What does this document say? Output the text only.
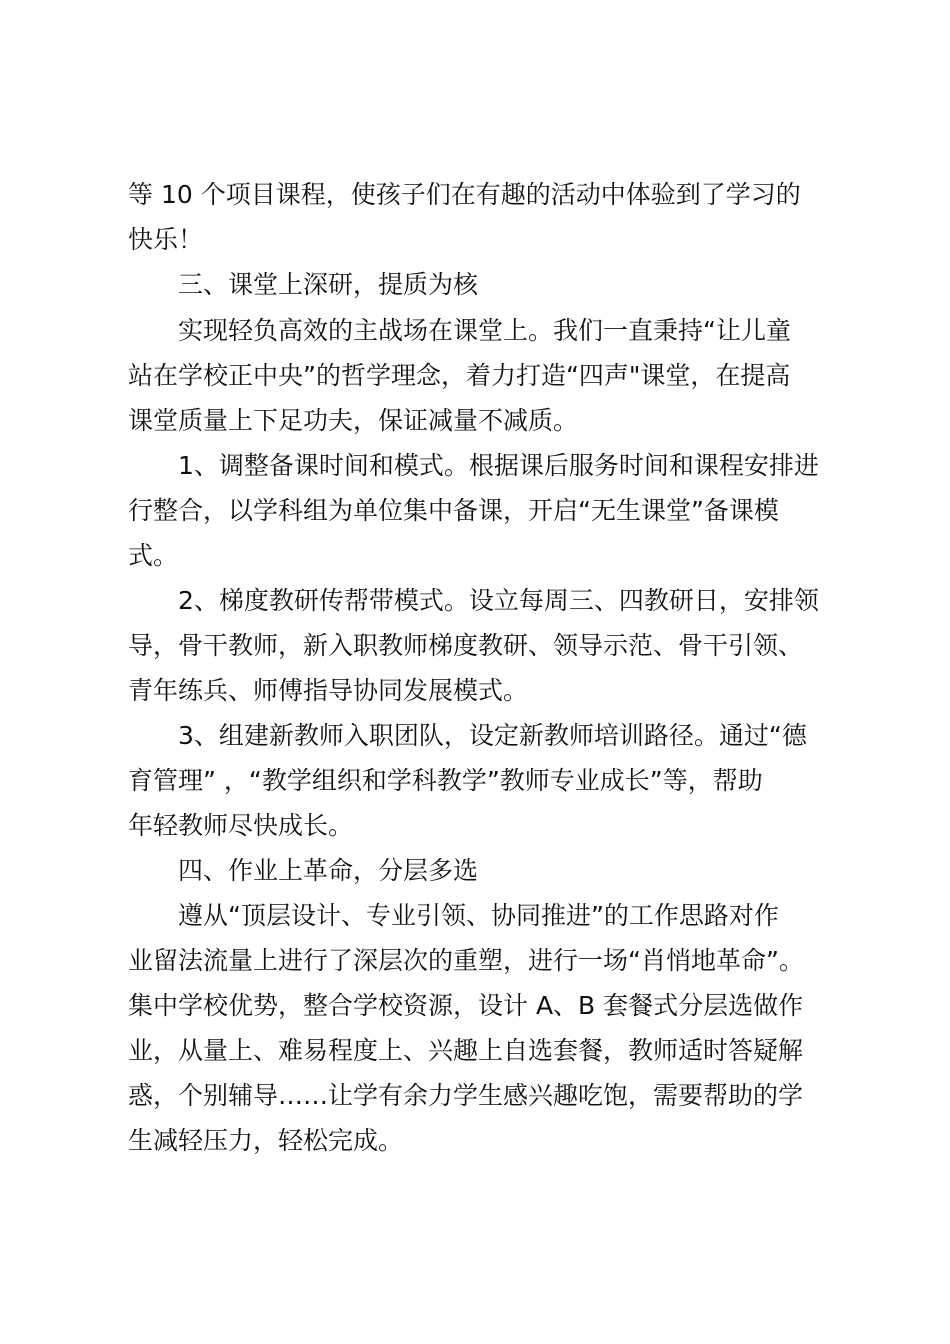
等 10 个项目课程，使孩子们在有趣的活动中体验到了学习的
快乐！
三、课堂上深研，提质为核
实现轻负高效的主战场在课堂上。我们一直秉持“让儿童
站在学校正中央”的哲学理念，着力打造“四声"课堂，在提高
课堂质量上下足功夫，保证减量不减质。
1、调整备课时间和模式。根据课后服务时间和课程安排进
行整合，以学科组为单位集中备课，开启“无生课堂”备课模
式。
2、梯度教研传帮带模式。设立每周三、四教研日，安排领
导，骨干教师，新入职教师梯度教研、领导示范、骨干引领、
青年练兵、师傅指导协同发展模式。
3、组建新教师入职团队，设定新教师培训路径。通过“德
育管理” ，“教学组织和学科教学”教师专业成长”等，帮助
年轻教师尽快成长。
四、作业上革命，分层多选
遵从“顶层设计、专业引领、协同推进”的工作思路对作
业留法流量上进行了深层次的重塑，进行一场“肖悄地革命”。
集中学校优势，整合学校资源，设计 A、B 套餐式分层选做作
业，从量上、难易程度上、兴趣上自选套餐，教师适时答疑解
惑，个别辅导……让学有余力学生感兴趣吃饱，需要帮助的学
生减轻压力，轻松完成。
